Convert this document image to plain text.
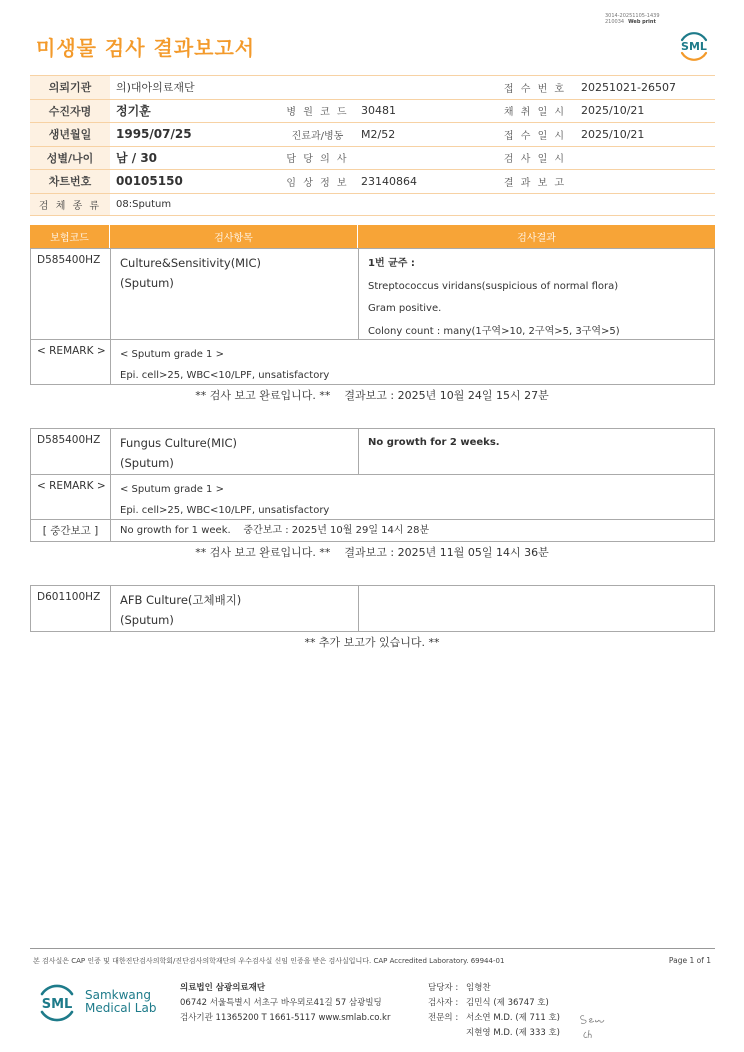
3014-20251105-1439
210034 Web print
미생물 검사 결과보고서	SML
의뢰기관	의)대아의료재단			접 수 번 호	20251021-26507
수진자명	정기훈	병 원 코 드	30481	채 취 일 시	2025/10/21
생년월일	1995/07/25	진료과/병동	M2/52	접 수 일 시	2025/10/21
성별/나이	남 / 30	담 당 의 사		검 사 일 시	
차트번호	00105150	임 상 정 보	23140864	결 과 보 고	
검 체 종 류	08:Sputum				
보험코드	검사항목	검사결과
D585400HZ	Culture&Sensitivity(MIC)
(Sputum)
1번 균주 :
Streptococcus viridans(suspicious of normal flora)
Gram positive.
Colony count : many(1구역>10, 2구역>5, 3구역>5)
< REMARK >	< Sputum grade 1 >
Epi. cell>25, WBC<10/LPF, unsatisfactory
** 검사 보고 완료입니다. ** 결과보고 : 2025년 10월 24일 15시 27분
D585400HZ	Fungus Culture(MIC)
(Sputum)
No growth for 2 weeks.
< REMARK >	< Sputum grade 1 >
Epi. cell>25, WBC<10/LPF, unsatisfactory
[ 중간보고 ]	No growth for 1 week.    중간보고 : 2025년 10월 29일 14시 28분
** 검사 보고 완료입니다. ** 결과보고 : 2025년 11월 05일 14시 36분
D601100HZ	AFB Culture(고체배지)
(Sputum)
** 추가 보고가 있습니다. **
본 검사실은 CAP 인증 및 대한진단검사의학회/진단검사의학재단의 우수검사실 신임 인증을 받은 검사실입니다. CAP Accredited Laboratory. 69944-01	Page 1 of 1
SML
Samkwang
Medical Lab
의료법인 삼광의료재단
06742 서울특별시 서초구 바우뫼로41길 57 삼광빌딩
검사기관 11365200 T 1661-5117 www.smlab.co.kr
담당자 : 임형찬
검사자 : 김민식 (제 36747 호)
전문의 : 서소연 M.D. (제 711 호)
지현영 M.D. (제 333 호)
